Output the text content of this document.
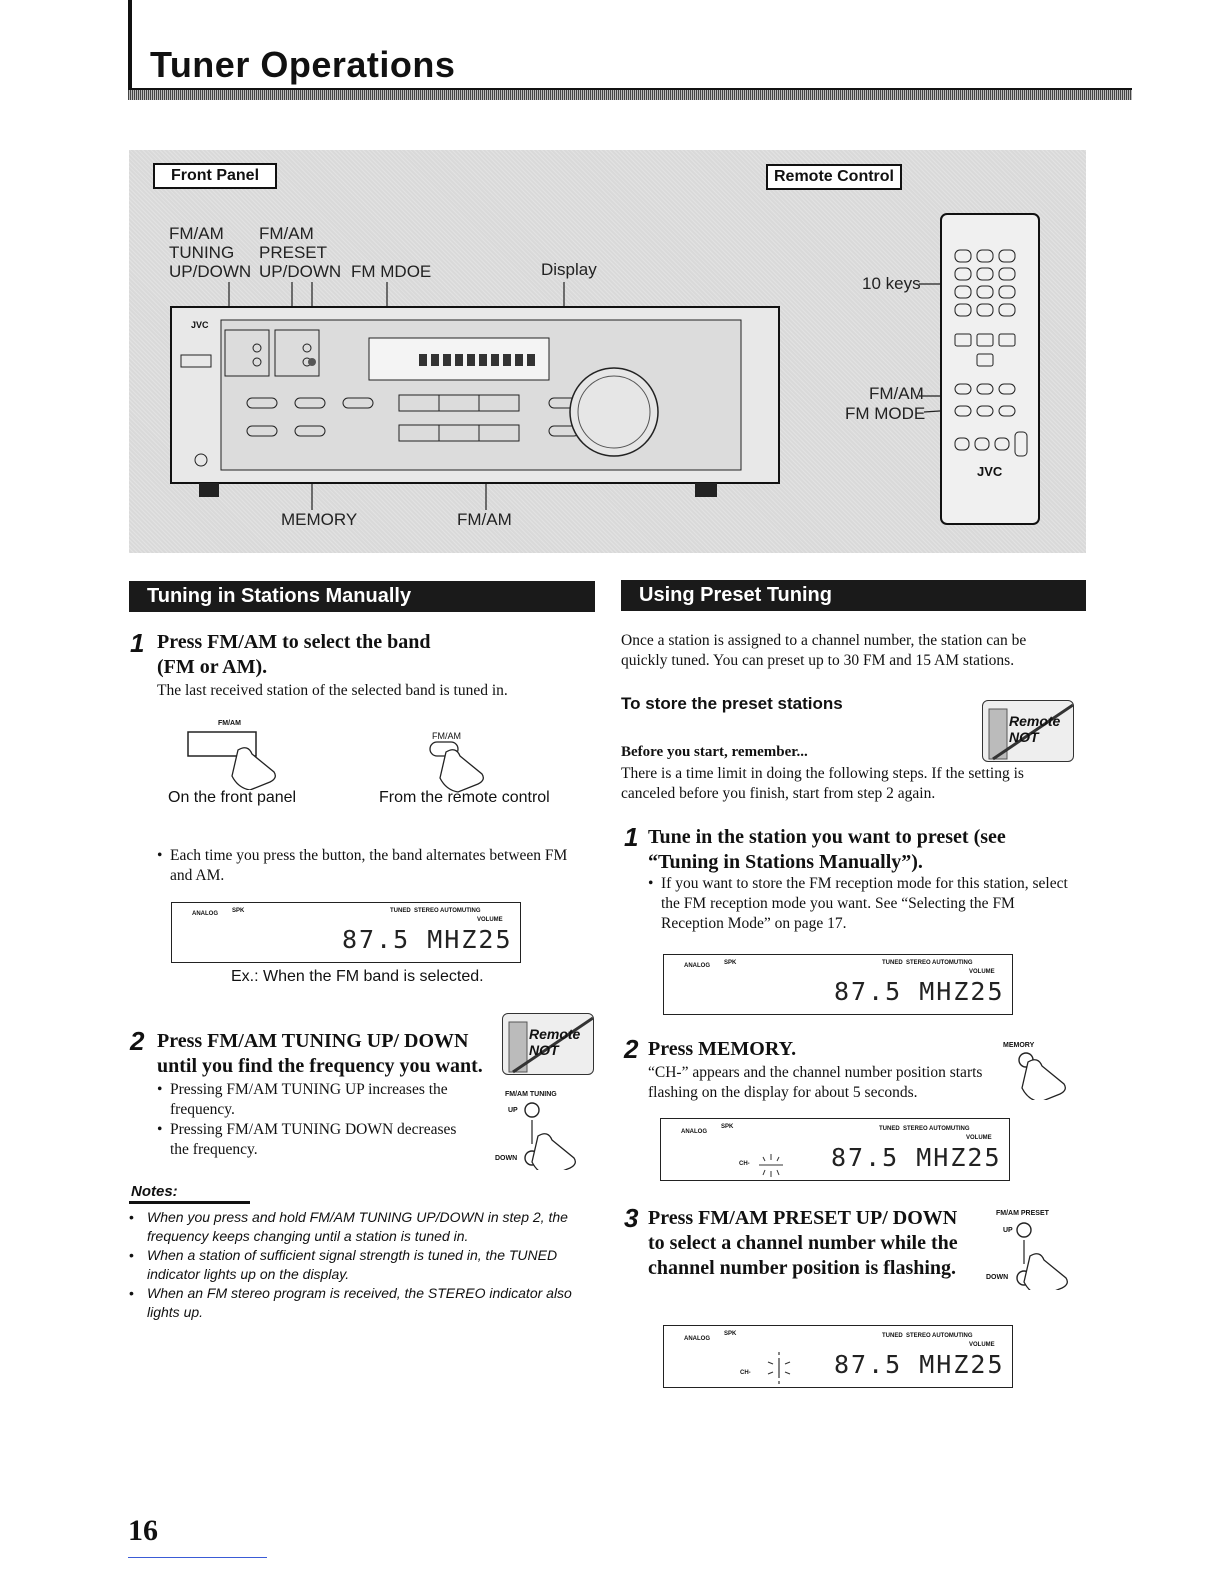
Tuner Operations
Front Panel	Remote Control
FM/AM
TUNING
UP/DOWN
FM/AM
PRESET
UP/DOWN FM MDOE	Display
MEMORY	FM/AM
10 keys
FM/AM
FM MODE
JVC
JVC
Tuning in Stations Manually
1 Press FM/AM to select the band (FM or AM).
The last received station of the selected band is tuned in.
FM/AM
FM/AM
On the front panel	From the remote control
• Each time you press the button, the band alternates between FM and AM.
ANALOG SPK	TUNED STEREO AUTOMUTING
VOLUME
87.5 MHZ25
Ex.: When the FM band is selected.
2 Press FM/AM TUNING UP/ DOWN until you find the frequency you want.
Remote
NOT
• Pressing FM/AM TUNING UP increases the frequency.
• Pressing FM/AM TUNING DOWN decreases the frequency.
FM/AM TUNING
UP
DOWN
Notes:
• When you press and hold FM/AM TUNING UP/DOWN in step 2, the frequency keeps changing until a station is tuned in.
• When a station of sufficient signal strength is tuned in, the TUNED indicator lights up on the display.
• When an FM stereo program is received, the STEREO indicator also lights up.
Using Preset Tuning
Once a station is assigned to a channel number, the station can be quickly tuned. You can preset up to 30 FM and 15 AM stations.
To store the preset stations
Remote
NOT
Before you start, remember...
There is a time limit in doing the following steps. If the setting is canceled before you finish, start from step 2 again.
1 Tune in the station you want to preset (see “Tuning in Stations Manually”).
• If you want to store the FM reception mode for this station, select the FM reception mode you want. See “Selecting the FM Reception Mode” on page 17.
ANALOG SPK	TUNED STEREO AUTOMUTING
VOLUME
87.5 MHZ25
2 Press MEMORY.
“CH-” appears and the channel number position starts flashing on the display for about 5 seconds.
MEMORY
ANALOG
SPK	TUNED STEREO AUTOMUTING
VOLUME
CH-	87.5 MHZ25
3 Press FM/AM PRESET UP/ DOWN to select a channel number while the channel number position is flashing.
FM/AM PRESET
UP
DOWN
ANALOG
SPK	TUNED STEREO AUTOMUTING
VOLUME
CH-	87.5 MHZ25
16
